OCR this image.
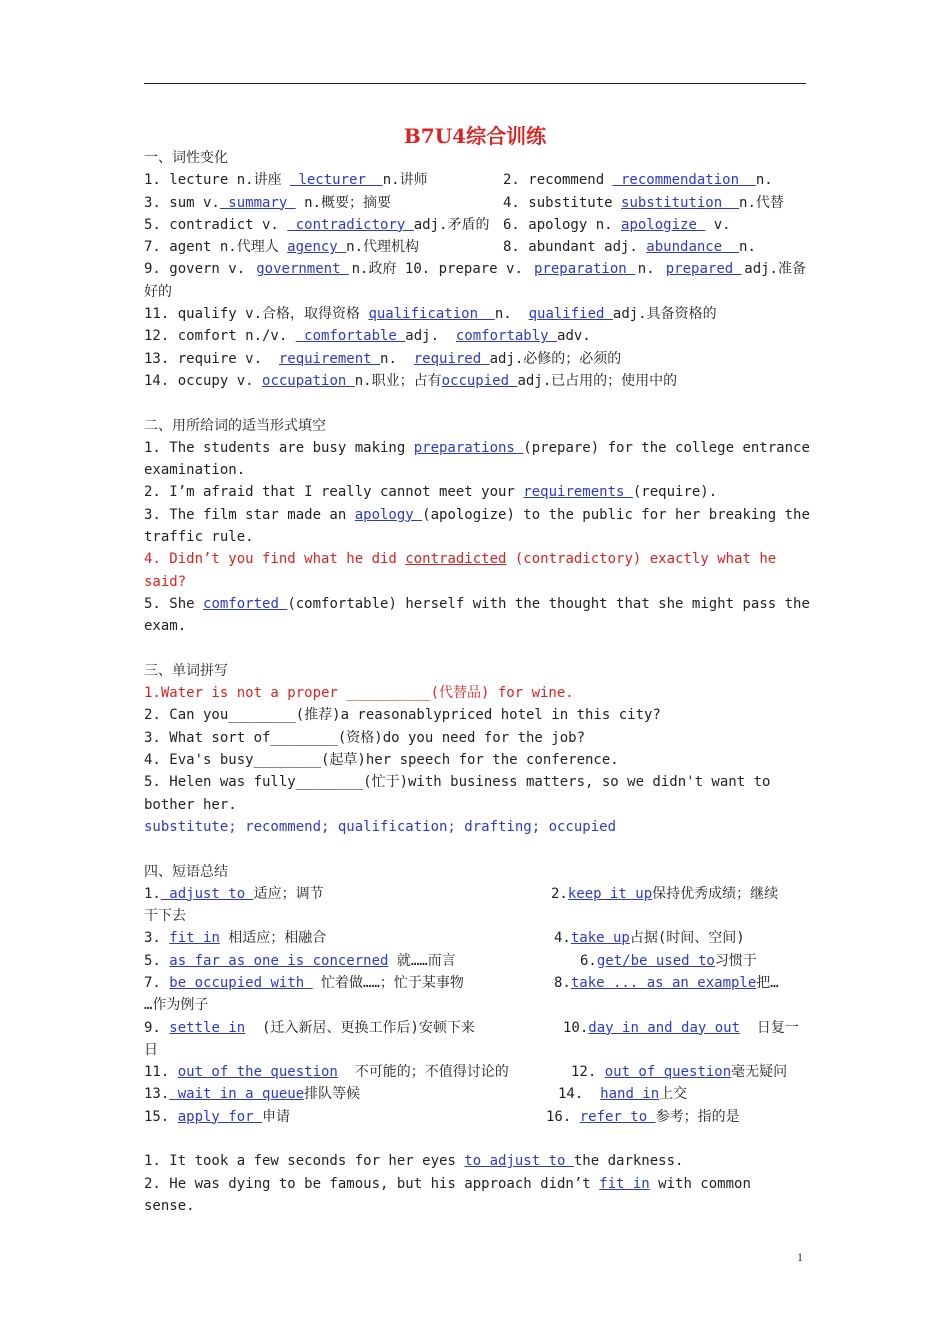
B7U4综合训练
一、词性变化
1. lecture n.讲座  lecturer  n.讲师	2. recommend  recommendation  n.
3. sum v. summary  n.概要；摘要	4. substitute substitution  n.代替
5. contradict v.  contradictory adj.矛盾的 6. apology n. apologize  v.
7. agent n.代理人 agency n.代理机构	8. abundant adj. abundance  n.
9. govern v. government n.政府 10. prepare v. preparation n. prepared adj.准备
好的
11. qualify v.合格，取得资格 qualification  n.  qualified adj.具备资格的
12. comfort n./v.  comfortable adj.  comfortably adv.
13. require v.  requirement n.  required adj.必修的；必须的
14. occupy v. occupation n.职业；占有occupied adj.已占用的；使用中的
二、用所给词的适当形式填空
1. The students are busy making preparations (prepare) for the college entrance
examination.
2. I’m afraid that I really cannot meet your requirements (require).
3. The film star made an apology (apologize) to the public for her breaking the
traffic rule.
4. Didn’t you find what he did contradicted (contradictory) exactly what he
said?
5. She comforted (comfortable) herself with the thought that she might pass the
exam.
三、单词拼写
1.Water is not a proper __________(代替品) for wine.
2. Can you________(推荐)a reasonablypriced hotel in this city?
3. What sort of________(资格)do you need for the job?
4. Eva's busy________(起草)her speech for the conference.
5. Helen was fully________(忙于)with business matters, so we didn't want to
bother her.
substitute; recommend; qualification; drafting; occupied
四、短语总结
1. adjust to 适应；调节	2.keep it up保持优秀成绩；继续
干下去
3. fit in 相适应；相融合	4.take up占据(时间、空间)
5. as far as one is concerned 就……而言	6.get/be used to习惯于
7. be occupied with  忙着做……；忙于某事物	8.take ... as an example把…
…作为例子
9. settle in  (迁入新居、更换工作后)安顿下来	10.day in and day out  日复一
日
11. out of the question  不可能的；不值得讨论的	12. out of question毫无疑问
13. wait in a queue排队等候	14.  hand in上交
15. apply for 申请	16. refer to 参考；指的是
1. It took a few seconds for her eyes to adjust to the darkness.
2. He was dying to be famous, but his approach didn’t fit in with common
sense.
1
